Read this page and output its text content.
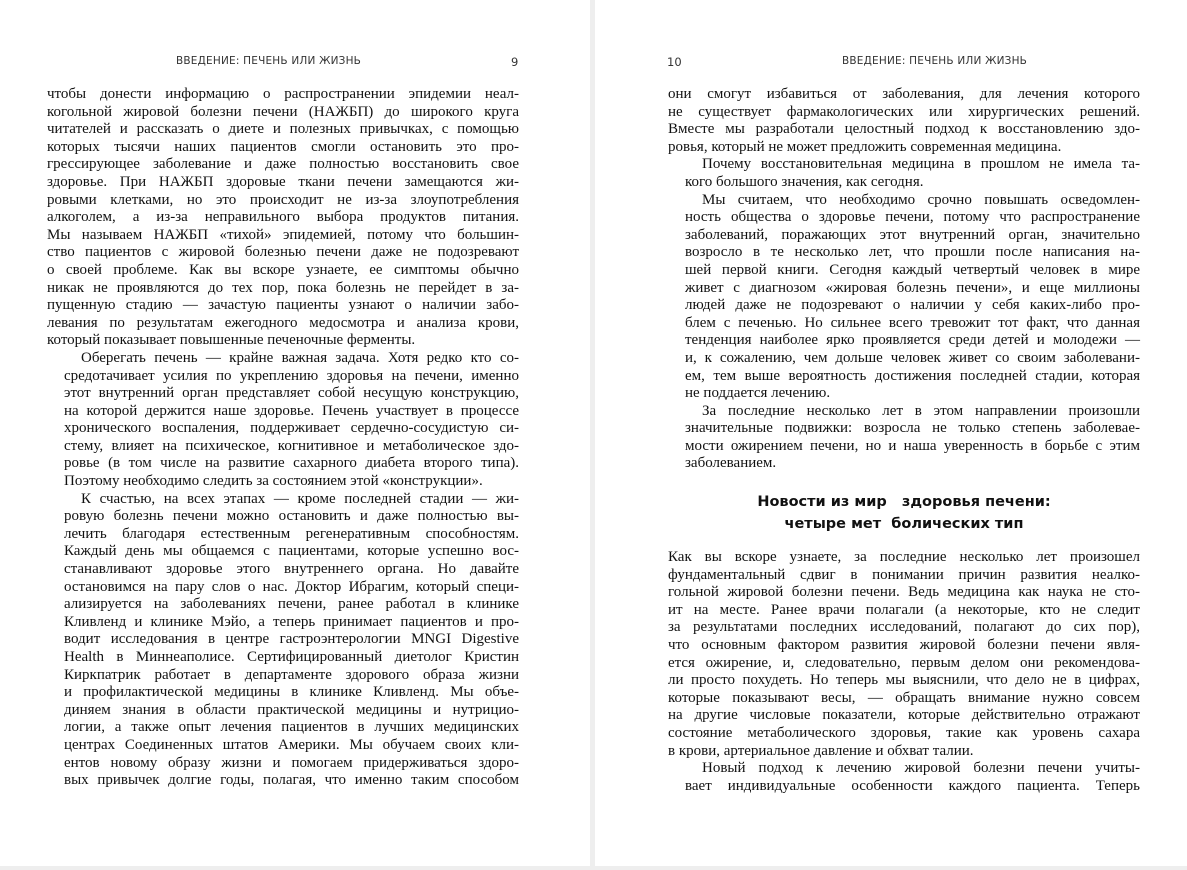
ВВЕДЕНИЕ: ПЕЧЕНЬ ИЛИ ЖИЗНЬ	9

чтобы донести информацию о распространении эпидемии неал-
когольной жировой болезни печени (НАЖБП) до широкого круга
читателей и рассказать о диете и полезных привычках, с помощью
которых тысячи наших пациентов смогли остановить это про-
грессирующее заболевание и даже полностью восстановить свое
здоровье. При НАЖБП здоровые ткани печени замещаются жи-
ровыми клетками, но это происходит не из-за злоупотребления
алкоголем, а из-за неправильного выбора продуктов питания.
Мы называем НАЖБП «тихой» эпидемией, потому что большин-
ство пациентов с жировой болезнью печени даже не подозревают
о своей проблеме. Как вы вскоре узнаете, ее симптомы обычно
никак не проявляются до тех пор, пока болезнь не перейдет в за-
пущенную стадию — зачастую пациенты узнают о наличии забо-
левания по результатам ежегодного медосмотра и анализа крови,
который показывает повышенные печеночные ферменты.

Оберегать печень — крайне важная задача. Хотя редко кто со-
средотачивает усилия по укреплению здоровья на печени, именно
этот внутренний орган представляет собой несущую конструкцию,
на которой держится наше здоровье. Печень участвует в процессе
хронического воспаления, поддерживает сердечно-сосудистую си-
стему, влияет на психическое, когнитивное и метаболическое здо-
ровье (в том числе на развитие сахарного диабета второго типа).
Поэтому необходимо следить за состоянием этой «конструкции».

К счастью, на всех этапах — кроме последней стадии — жи-
ровую болезнь печени можно остановить и даже полностью вы-
лечить благодаря естественным регенеративным способностям.
Каждый день мы общаемся с пациентами, которые успешно вос-
станавливают здоровье этого внутреннего органа. Но давайте
остановимся на пару слов о нас. Доктор Ибрагим, который специ-
ализируется на заболеваниях печени, ранее работал в клинике
Кливленд и клинике Мэйо, а теперь принимает пациентов и про-
водит исследования в центре гастроэнтерологии MNGI Digestive
Health в Миннеаполисе. Сертифицированный диетолог Кристин
Киркпатрик работает в департаменте здорового образа жизни
и профилактической медицины в клинике Кливленд. Мы объе-
диняем знания в области практической медицины и нутрицио-
логии, а также опыт лечения пациентов в лучших медицинских
центрах Соединенных штатов Америки. Мы обучаем своих кли-
ентов новому образу жизни и помогаем придерживаться здоро-
вых привычек долгие годы, полагая, что именно таким способом

10	ВВЕДЕНИЕ: ПЕЧЕНЬ ИЛИ ЖИЗНЬ

они смогут избавиться от заболевания, для лечения которого
не существует фармакологических или хирургических решений.
Вместе мы разработали целостный подход к восстановлению здо-
ровья, который не может предложить современная медицина.

Почему восстановительная медицина в прошлом не имела та-
кого большого значения, как сегодня.

Мы считаем, что необходимо срочно повышать осведомлен-
ность общества о здоровье печени, потому что распространение
заболеваний, поражающих этот внутренний орган, значительно
возросло в те несколько лет, что прошли после написания на-
шей первой книги. Сегодня каждый четвертый человек в мире
живет с диагнозом «жировая болезнь печени», и еще миллионы
людей даже не подозревают о наличии у себя каких-либо про-
блем с печенью. Но сильнее всего тревожит тот факт, что данная
тенденция наиболее ярко проявляется среди детей и молодежи —
и, к сожалению, чем дольше человек живет со своим заболевани-
ем, тем выше вероятность достижения последней стадии, которая
не поддается лечению.

За последние несколько лет в этом направлении произошли
значительные подвижки: возросла не только степень заболевае-
мости ожирением печени, но и наша уверенность в борьбе с этим
заболеванием.

Новости из мир   здоровья печени:
четыре мет  болических тип

Как вы вскоре узнаете, за последние несколько лет произошел
фундаментальный сдвиг в понимании причин развития неалко-
гольной жировой болезни печени. Ведь медицина как наука не сто-
ит на месте. Ранее врачи полагали (а некоторые, кто не следит
за результатами последних исследований, полагают до сих пор),
что основным фактором развития жировой болезни печени явля-
ется ожирение, и, следовательно, первым делом они рекомендова-
ли просто похудеть. Но теперь мы выяснили, что дело не в цифрах,
которые показывают весы, — обращать внимание нужно совсем
на другие числовые показатели, которые действительно отражают
состояние метаболического здоровья, такие как уровень сахара
в крови, артериальное давление и обхват талии.

Новый подход к лечению жировой болезни печени учиты-
вает индивидуальные особенности каждого пациента. Теперь
